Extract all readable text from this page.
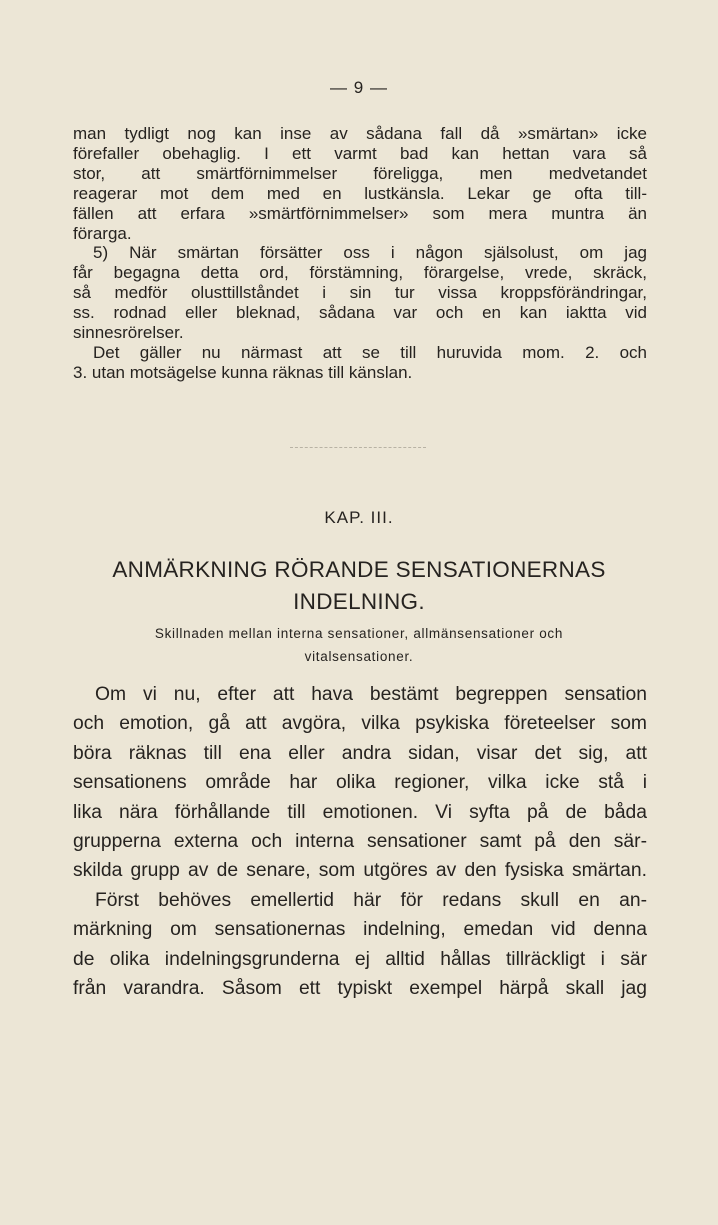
— 9 —
man tydligt nog kan inse av sådana fall då »smärtan» icke
förefaller obehaglig. I ett varmt bad kan hettan vara så
stor, att smärtförnimmelser föreligga, men medvetandet
reagerar mot dem med en lustkänsla. Lekar ge ofta till-
fällen att erfara »smärtförnimmelser» som mera muntra än
förarga.
5) När smärtan försätter oss i någon själsolust, om jag
får begagna detta ord, förstämning, förargelse, vrede, skräck,
så medför olusttillståndet i sin tur vissa kroppsförändringar,
ss. rodnad eller bleknad, sådana var och en kan iaktta vid
sinnesrörelser.
Det gäller nu närmast att se till huruvida mom. 2. och
3. utan motsägelse kunna räknas till känslan.
KAP. III.
ANMÄRKNING RÖRANDE SENSATIONERNAS
INDELNING.
Skillnaden mellan interna sensationer, allmänsensationer och
vitalsensationer.
Om vi nu, efter att hava bestämt begreppen sensation
och emotion, gå att avgöra, vilka psykiska företeelser som
böra räknas till ena eller andra sidan, visar det sig, att
sensationens område har olika regioner, vilka icke stå i
lika nära förhållande till emotionen. Vi syfta på de båda
grupperna externa och interna sensationer samt på den sär-
skilda grupp av de senare, som utgöres av den fysiska smärtan.
Först behöves emellertid här för redans skull en an-
märkning om sensationernas indelning, emedan vid denna
de olika indelningsgrunderna ej alltid hållas tillräckligt i sär
från varandra. Såsom ett typiskt exempel härpå skall jag
